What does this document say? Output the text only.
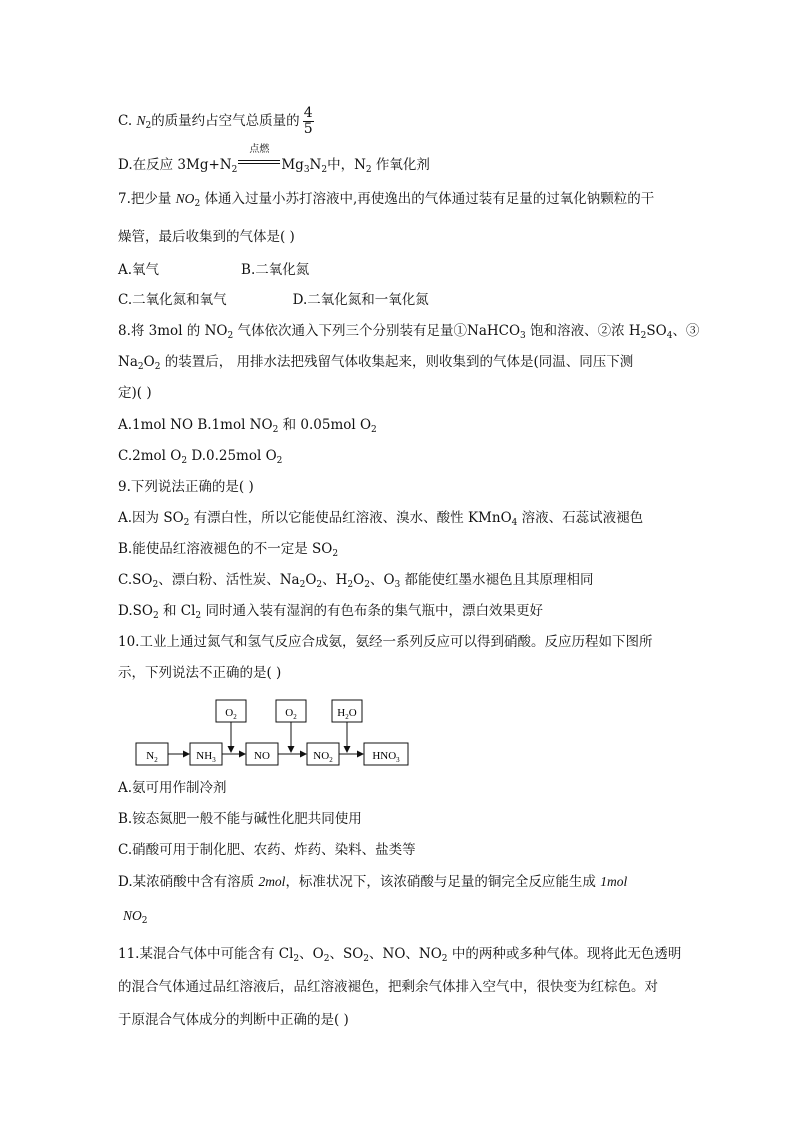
C. $N_2$的质量约占空气总质量的 $\frac{4}{5}$
D.在反应 $3Mg+N_2$
点燃
$Mg_3N_2$中，$N_2$ 作氧化剂
7.把少量 $NO_2$ 体通入过量小苏打溶液中,再使逸出的气体通过装有足量的过氧化钠颗粒的干
燥管，最后收集到的气体是( )
A.氧气	B.二氧化氮
C.二氧化氮和氧气	D.二氧化氮和一氧化氮
8.将 3mol 的 $NO_2$ 气体依次通入下列三个分别装有足量①NaHCO$_3$ 饱和溶液、②浓 $H_2SO_4$、③
$Na_2O_2$ 的装置后， 用排水法把残留气体收集起来，则收集到的气体是(同温、同压下测
定)( )
A.1mol NO B.1mol $NO_2$ 和 0.05mol $O_2$
C.2mol $O_2$ D.0.25mol $O_2$
9.下列说法正确的是( )
A.因为 $SO_2$ 有漂白性，所以它能使品红溶液、溴水、酸性 KMnO$_4$ 溶液、石蕊试液褪色
B.能使品红溶液褪色的不一定是 $SO_2$
$C.SO_2$、漂白粉、活性炭、$Na_2O_2$、$H_2O_2$、$O_3$ 都能使红墨水褪色且其原理相同
$D.SO_2$ 和 $Cl_2$ 同时通入装有湿润的有色布条的集气瓶中，漂白效果更好
10.工业上通过氮气和氢气反应合成氨，氨经一系列反应可以得到硝酸。反应历程如下图所
示，下列说法不正确的是( )
$N_2$	$NH_3$	NO	$NO_2$	$HNO_3$
$O_2$	$O_2$	$H_2O$
A.氨可用作制冷剂
B.铵态氮肥一般不能与碱性化肥共同使用
C.硝酸可用于制化肥、农药、炸药、染料、盐类等
D.某浓硝酸中含有溶质 2mol，标准状况下，该浓硝酸与足量的铜完全反应能生成 1mol
$NO_2$
11.某混合气体中可能含有 $Cl_2$、$O_2$、$SO_2$、NO、$NO_2$ 中的两种或多种气体。现将此无色透明
的混合气体通过品红溶液后，品红溶液褪色，把剩余气体排入空气中，很快变为红棕色。对
于原混合气体成分的判断中正确的是( )
